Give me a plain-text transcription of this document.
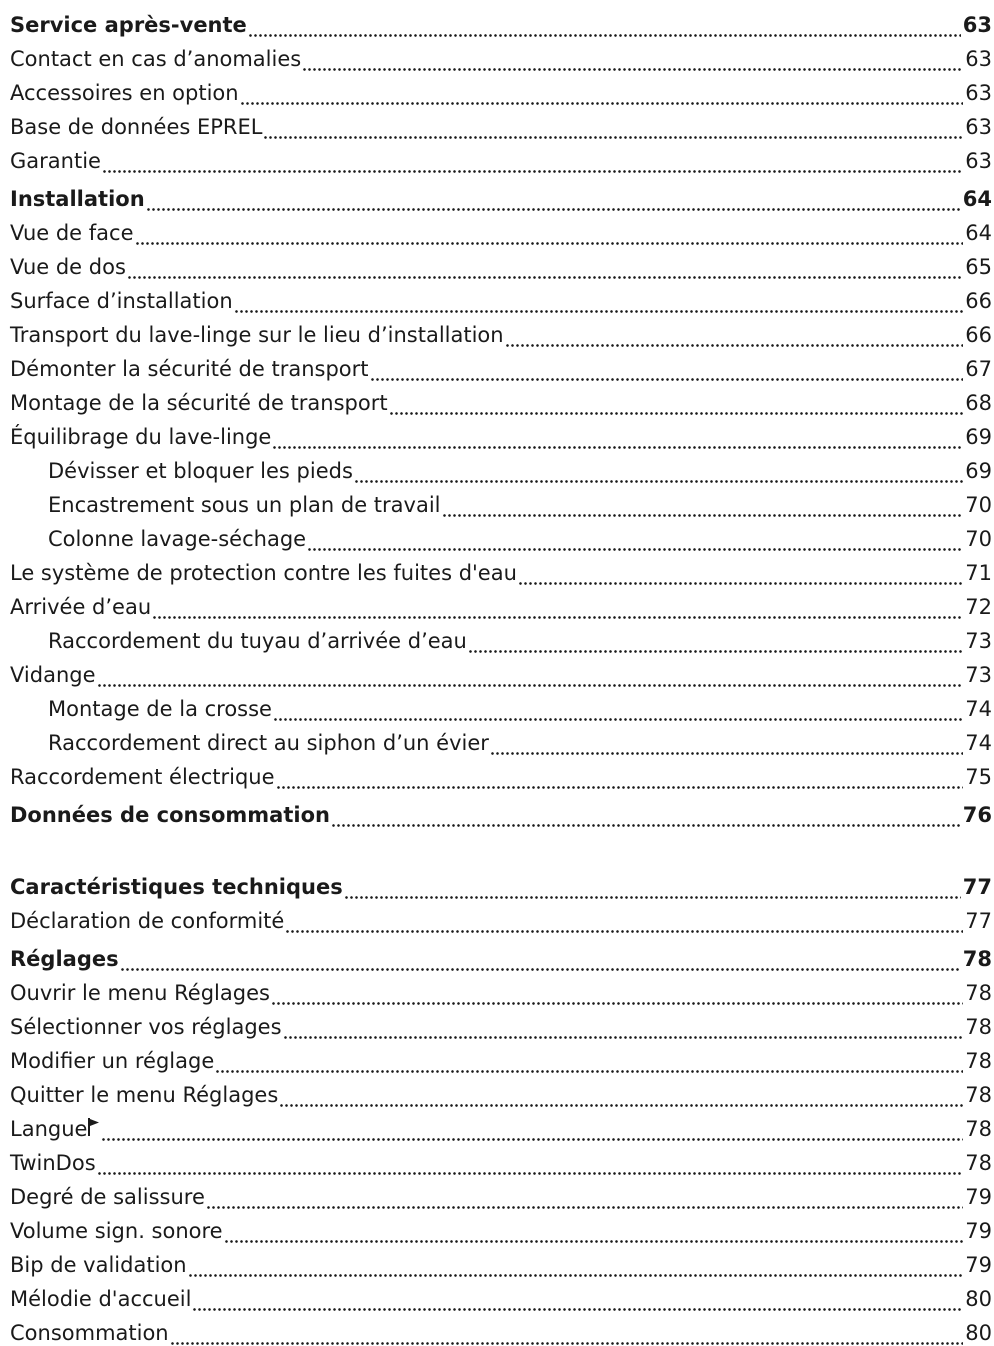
Service après-vente	63
Contact en cas d’anomalies	63
Accessoires en option	63
Base de données EPREL	63
Garantie	63
Installation	64
Vue de face	64
Vue de dos	65
Surface d’installation	66
Transport du lave-linge sur le lieu d’installation	66
Démonter la sécurité de transport	67
Montage de la sécurité de transport	68
Équilibrage du lave-linge	69
Dévisser et bloquer les pieds	69
Encastrement sous un plan de travail	70
Colonne lavage-séchage	70
Le système de protection contre les fuites d'eau	71
Arrivée d’eau	72
Raccordement du tuyau d’arrivée d’eau	73
Vidange	73
Montage de la crosse	74
Raccordement direct au siphon d’un évier	74
Raccordement électrique	75
Données de consommation	76
Caractéristiques techniques	77
Déclaration de conformité	77
Réglages	78
Ouvrir le menu Réglages	78
Sélectionner vos réglages	78
Modifier un réglage	78
Quitter le menu Réglages	78
Langue	78
TwinDos	78
Degré de salissure	79
Volume sign. sonore	79
Bip de validation	79
Mélodie d'accueil	80
Consommation	80
